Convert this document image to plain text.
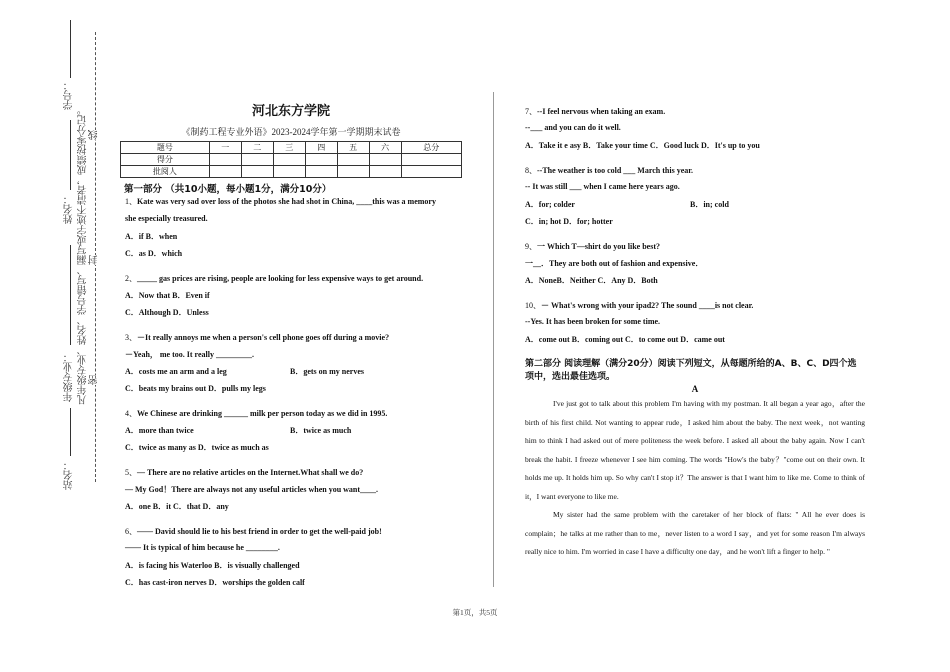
学号：
姓名：
年级专业：
站名：
凡年级专业、姓名、学号错写、漏写或字迹不清者，成绩按零分记。 密
封
线
河北东方学院
《制药工程专业外语》2023-2024学年第一学期期末试卷
题号	一	二	三	四	五	六	总分
得分							
批阅人							
第一部分 （共10小题，每小题1分，满分10分）
1、Kate was very sad over loss of the photos she had shot in China, ____this was a memory
she especially treasured.
A．if B．when
C．as D．which
2、_____ gas prices are rising, people are looking for less expensive ways to get around.
A．Now that B．Even if
C．Although D．Unless
3、－It really annoys me when a person's cell phone goes off during a movie?
－Yeah， me too. It really _________.
A．costs me an arm and a leg	B．gets on my nerves
C．beats my brains out D．pulls my legs
4、We Chinese are drinking ______ milk per person today as we did in 1995.
A．more than twice	B．twice as much
C．twice as many as D．twice as much as
5、— There are no relative articles on the Internet.What shall we do?
— My God！There are always not any useful articles when you want____.
A．one B．it C．that D．any
6、—— David should lie to his best friend in order to get the well-paid job!
—— It is typical of him because he ________.
A．is facing his Waterloo B．is visually challenged
C．has cast-iron nerves D．worships the golden calf
7、--I feel nervous when taking an exam.
--___ and you can do it well.
A．Take it e asy B．Take your time C．Good luck D．It's up to you
8、--The weather is too cold ___ March this year.
-- It was still ___ when I came here years ago.
A．for; colder	B．in; cold
C．in; hot D．for; hotter
9、一 Which T—shirt do you like best?
一__．They are both out of fashion and expensive．
A．NoneB．Neither C．Any D．Both
10、－ What's wrong with your ipad2? The sound ____is not clear.
--Yes. It has been broken for some time.
A．come out B．coming out C．to come out D．came out
第二部分 阅读理解（满分20分）阅读下列短文，从每题所给的A、B、C、D四个选项中，选出最佳选项。
A

I've just got to talk about this problem I'm having with my postman. It all began a year ago，after the birth of his first child. Not wanting to appear rude，I asked him about the baby. The next week，not wanting him to think I had asked out of mere politeness the week before. I asked all about the baby again. Now I can't break the habit. I freeze whenever I see him coming. The words "How's the baby？"come out on their own. It holds me up. It holds him up. So why can't I stop it？The answer is that I want him to like me. Come to think of it，I want everyone to like me.

My sister had the same problem with the caretaker of her block of flats: " All he ever does is complain；he talks at me rather than to me，never listen to a word I say，and yet for some reason I'm always really nice to him. I'm worried in case I have a difficulty one day，and he won't lift a finger to help. "

第1页，共5页
